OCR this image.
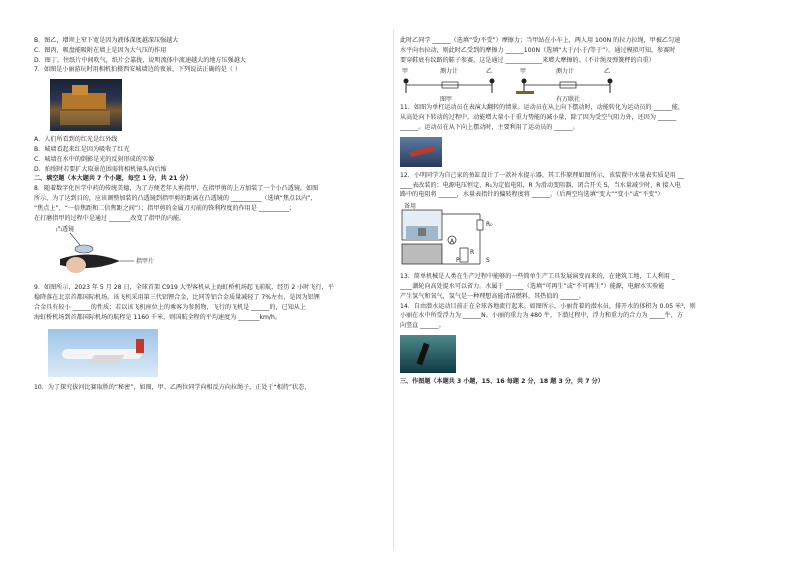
B．图乙，增坝上窄下宽是因为液体深度越深压强越大
C．图丙，吸盘能吸附在墙上是因为大气压的作用
D．图丁，往纸片中间吹气，纸片会靠拢，说明流体中流速越大的地方压强越大
7．如图是小丽游玩时用相机拍摄西安城墙边的夜景，下列说法正确的是（ ）
A．人们所看到的红光是红外线
B．城墙看起来红是因为吸收了红光
C．城墙在水中的倒影是光的反射形成的实像
D．拍照时若要扩大取景范围需将相机镜头向后缩
二、填空题（本大题共 7 个小题，每空 1 分，共 21 分）
8．随着数字化医学中药的传统美德，为了方便老年人剪指甲，在指甲剪的上方加装了一个小凸透镜，如图
所示，为了达到目的，应该调整加装的凸透镜到指甲剪的距离在凸透镜的 __________（选填“焦点以内”、
“焦点上”、“一倍焦距和二倍焦距之间”）；指甲剪的金属刀刃前的锋利程度的作用是 __________；
在打磨指甲的过程中是通过 _______改变了指甲的内能。
凸透镜
指甲片
9．如图所示，2023 年 5 月 28 日，全球首架 C919 大型客机从上海虹桥机场起飞前航，经历 2 小时飞行，平
稳降落在北京首都国际机场。该飞机采用第三代铝锂合金，比同等铝合金质量减轻了 7%左右，是因为铝锂
合金具有较小 ______的性质；若以该飞机座位上的乘客为参照物，飞行的飞机是 ______的，已知从上
海虹桥机场到首都国际机场的航程是 1160 千米，则国航全程的平均速度为 _______km/h。
10．为了探究拔河比赛取胜的“秘密”，如图，甲、乙两位同学向相反方向拉绳子，正处于“相持”状态，
此时乙同学 ______（选填“受/不受”）摩擦力；当甲站在小车上，两人用 100N 的拉力拉绳，甲被乙匀速
水平向右拉动，则此时乙受到的摩擦力 ______100N（选填“大于/小于/等于”）。通过模拟可知，参赛时
要穿鞋底有纹路的鞋子参赛，这是通过 ____________来增大摩擦的。（不计绳及弹簧秤的自重）
甲	测力计	乙	甲	测力计	乙
图甲	有万联社
11．如图为单杠运动员在表演大翻转的情景。运动员在从上向下摆动时，动能转化为运动员的 ______能，
从高处向下转动的过程中，动能增大量小于重力势能的减小量，除了因为受空气阻力外，还因为 ______
______。运动员在从下向上摆动时，主要利用了运动员的 ______。
12．小明同学为自己家的鱼缸设计了一款补水提示器，其工作原理如图所示，该装置中水量表实质是用 __
____表改装的；电源电压恒定，R₀为定值电阻，R 为滑动变阻器，闭合开关 S，当水量减少时，R 接入电
路中的电阻将 ______，水量表指针的偏转程度将 ______。（后两空均选填“变大”“变小”或“不变”）
备用
R₀
A
R
P	S
13．简单机械是人类在生产过程中能够的一些简单生产工具发展演变而来的，在建筑工地，工人利用 _
____潮轮向高处提水可以省力。水属于 ______（选填“可再生”或“不可再生”）能源，电解水实验能
产生氢气和氧气，氢气是一种理想高能清洁燃料，其热值的 ______。
14．自由潜水运动目前正在全球各地流行起来。如图所示，小丽背着的潜水员，排开水的体积为 0.05 米³，则
小丽在水中所受浮力为 ______N。小丽的重力为 480 牛，下潜过程中，浮力和重力的合力为 _____牛，方
向竖直 ______。
三、作图题（本题共 3 小题，15、16 每题 2 分，18 题 3 分，共 7 分）
